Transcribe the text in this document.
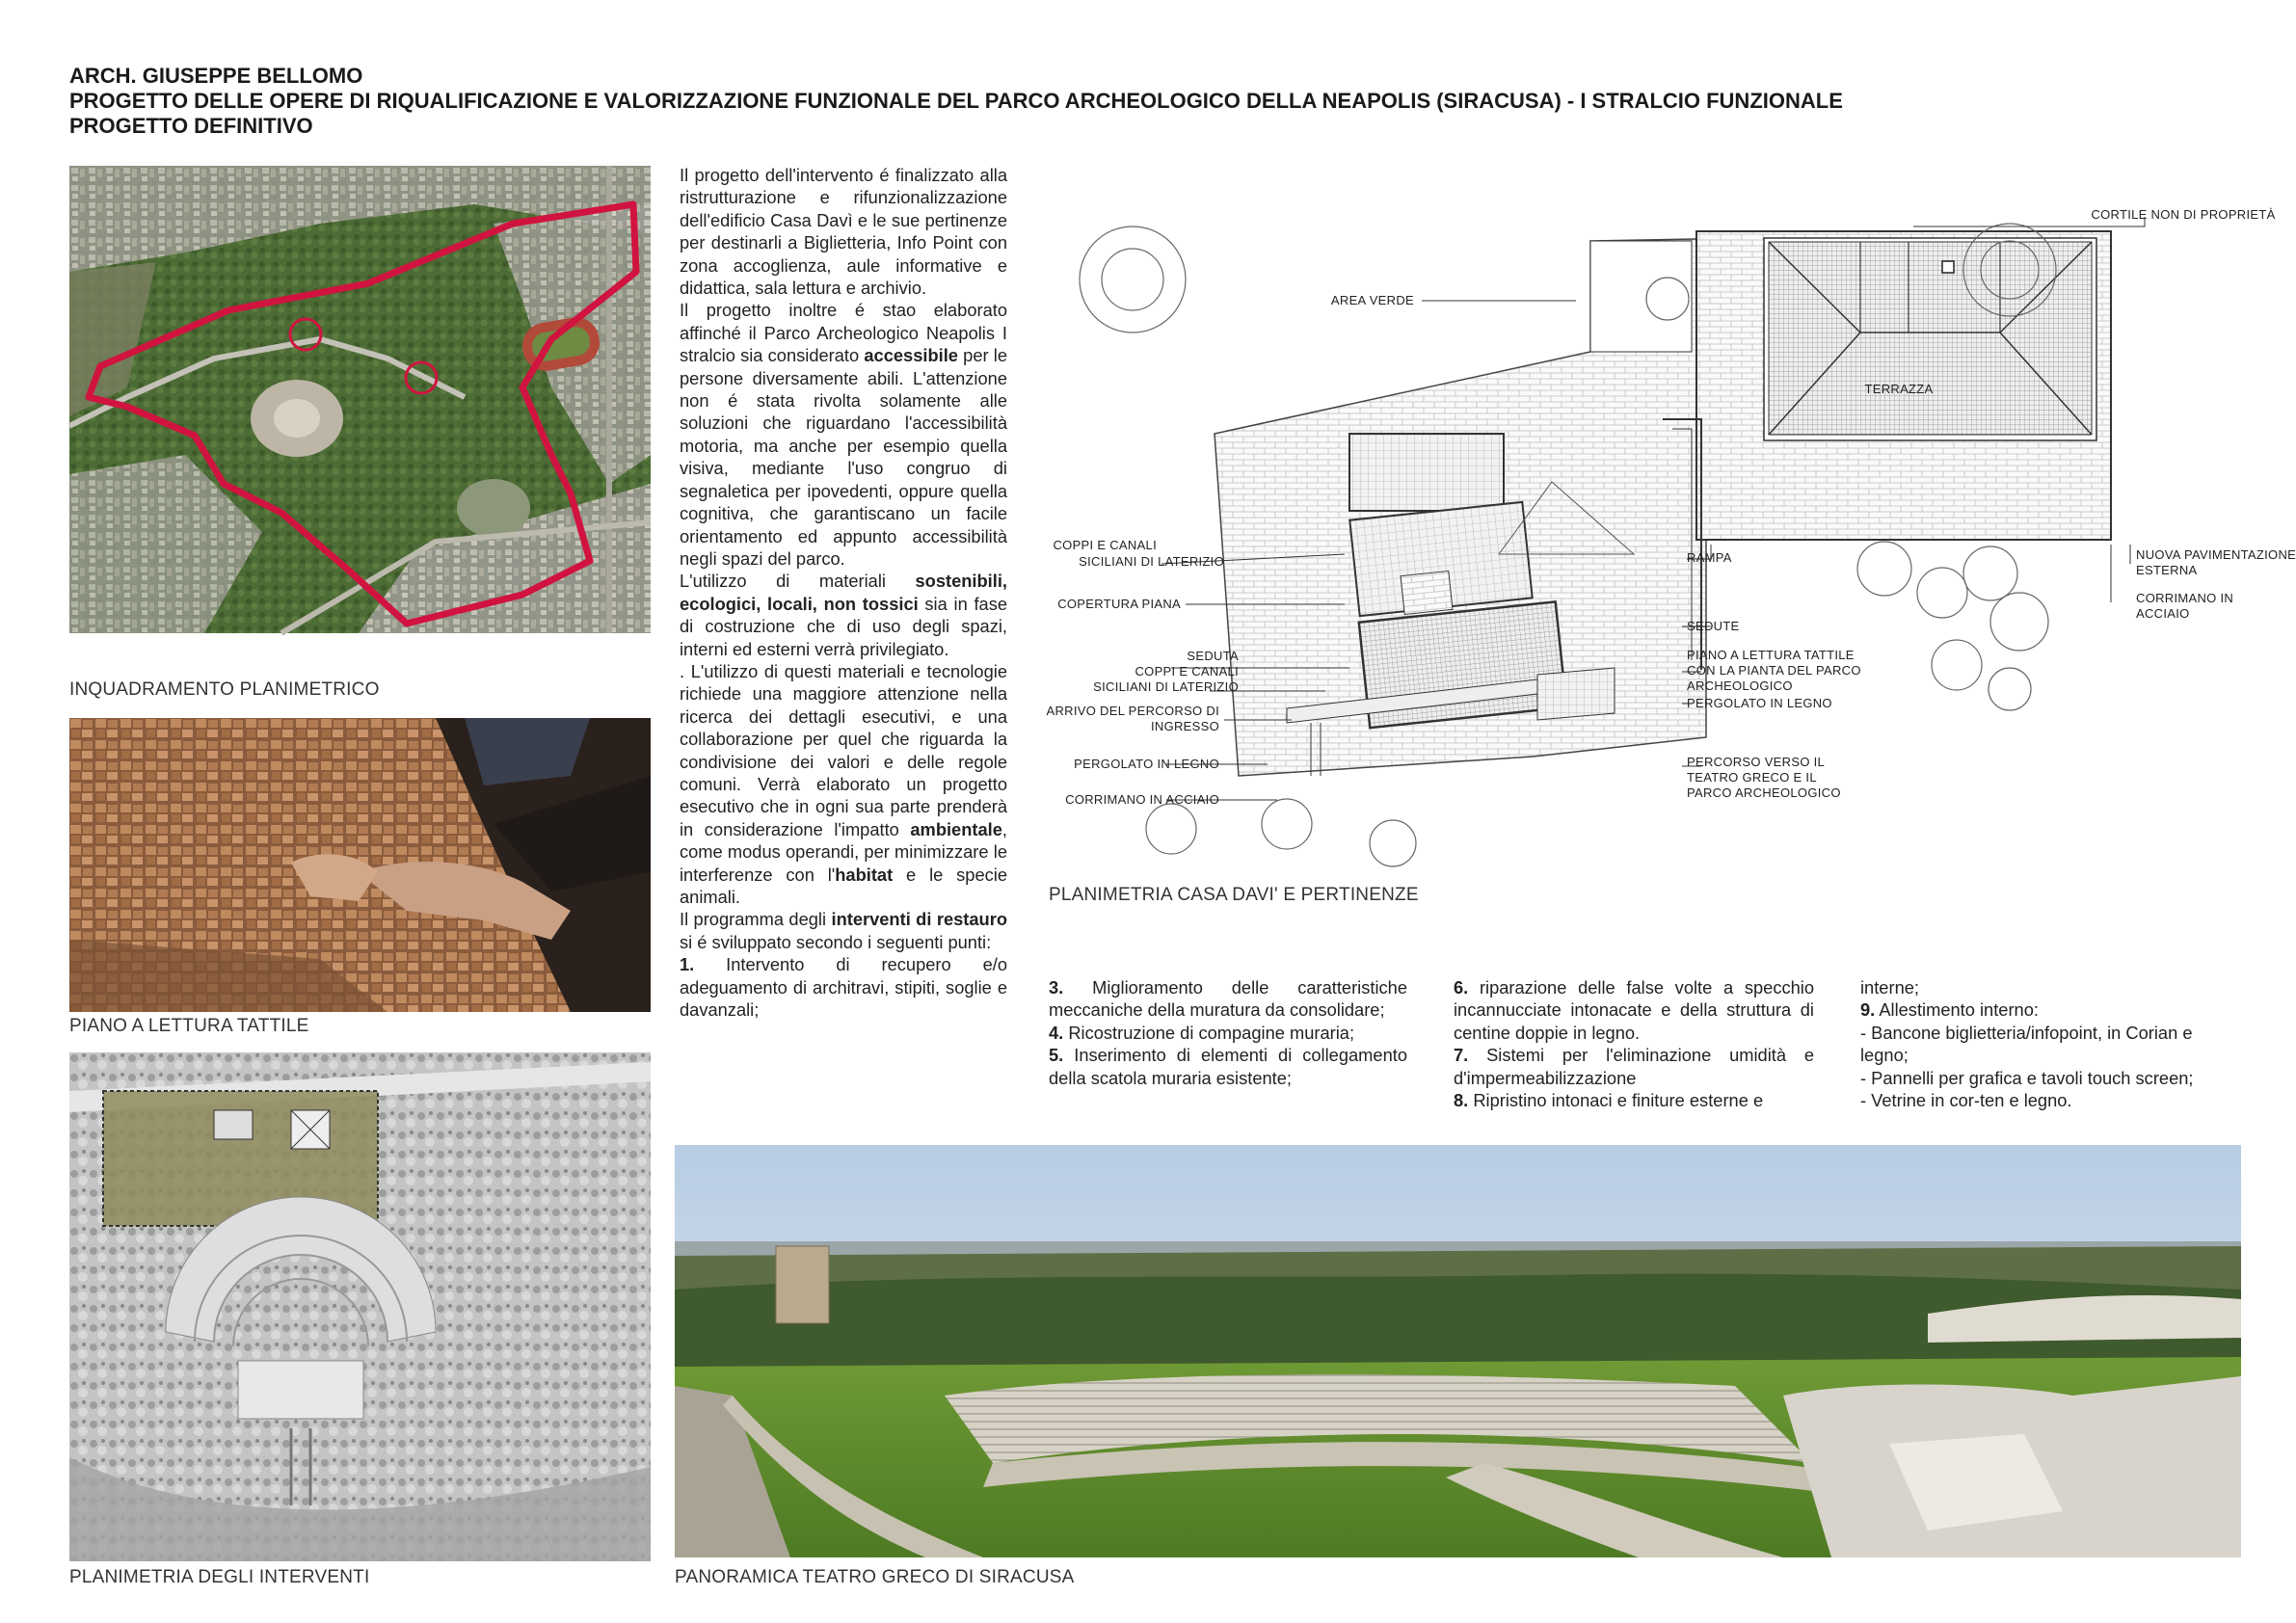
ARCH. GIUSEPPE BELLOMO
PROGETTO DELLE OPERE DI RIQUALIFICAZIONE E VALORIZZAZIONE FUNZIONALE DEL PARCO ARCHEOLOGICO DELLA NEAPOLIS (SIRACUSA) - I STRALCIO FUNZIONALE
PROGETTO DEFINITIVO
INQUADRAMENTO PLANIMETRICO
PIANO A LETTURA TATTILE
PLANIMETRIA DEGLI INTERVENTI

Il progetto dell'intervento é finalizzato alla ristrutturazione e rifunzionalizzazione dell'edificio Casa Davì e le sue pertinenze per destinarli a Biglietteria, Info Point con zona accoglienza, aule informative e didattica, sala lettura e archivio.

Il progetto inoltre é stao elaborato affinché il Parco Archeologico Neapolis I stralcio sia considerato accessibile per le persone diversamente abili. L'attenzione non é stata rivolta solamente alle soluzioni che riguardano l'accessibilità motoria, ma anche per esempio quella visiva, mediante l'uso congruo di segnaletica per ipovedenti, oppure quella cognitiva, che garantiscano un facile orientamento ed appunto accessibilità negli spazi del parco.

L'utilizzo di materiali sostenibili, ecologici, locali, non tossici sia in fase di costruzione che di uso degli spazi, interni ed esterni verrà privilegiato.

. L'utilizzo di questi materiali e tecnologie richiede una maggiore attenzione nella ricerca dei dettagli esecutivi, e una collaborazione per quel che riguarda la condivisione dei valori e delle regole comuni. Verrà elaborato un progetto esecutivo che in ogni sua parte prenderà in considerazione l'impatto ambientale, come modus operandi, per minimizzare le interferenze con l'habitat e le specie animali.

Il programma degli interventi di restauro si é sviluppato secondo i seguenti punti:

1. Intervento di recupero e/o adeguamento di architravi, stipiti, soglie e davanzali;

3. Miglioramento delle caratteristiche meccaniche della muratura da consolidare;

4. Ricostruzione di compagine muraria;

5. Inserimento di elementi di collegamento della scatola muraria esistente;

6. riparazione delle false volte a specchio incannucciate intonacate e della struttura di centine doppie in legno.

7. Sistemi per l'eliminazione umidità e d'impermeabilizzazione

8. Ripristino intonaci e finiture esterne e

interne;

9. Allestimento interno:

- Bancone biglietteria/infopoint, in Corian e legno;

- Pannelli per grafica e tavoli touch screen;

- Vetrine in cor-ten e legno.

CORTILE NON DI PROPRIETÀ
AREA VERDE
TERRAZZA
COPPI E CANALI
SICILIANI DI LATERIZIO
COPERTURA PIANA
SEDUTA
COPPI E CANALI
SICILIANI DI LATERIZIO
ARRIVO DEL PERCORSO DI
INGRESSO
PERGOLATO IN LEGNO
CORRIMANO IN ACCIAIO
RAMPA
SEDUTE
PIANO A LETTURA TATTILE
CON LA PIANTA DEL PARCO
ARCHEOLOGICO
PERGOLATO IN LEGNO
PERCORSO VERSO IL
TEATRO GRECO E IL
PARCO ARCHEOLOGICO
NUOVA PAVIMENTAZIONE
ESTERNA
CORRIMANO IN
ACCIAIO
PLANIMETRIA CASA DAVI' E PERTINENZE
PANORAMICA TEATRO GRECO DI SIRACUSA
